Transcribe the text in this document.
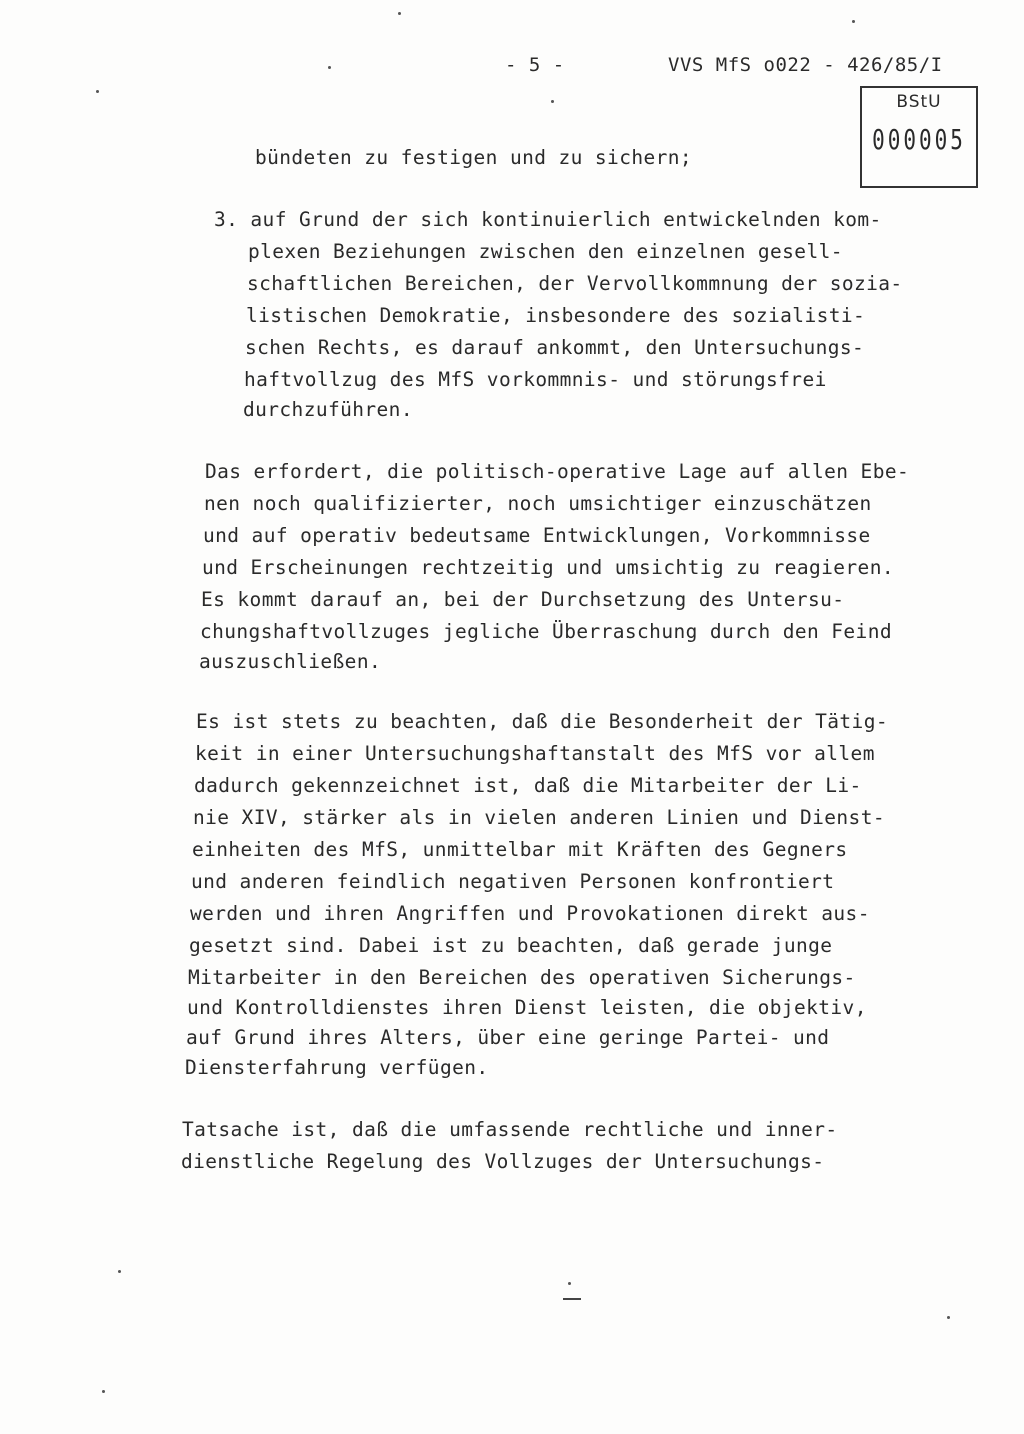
- 5 -	VVS MfS o022 - 426/85/I
BStU
000005
bündeten zu festigen und zu sichern;
3. auf Grund der sich kontinuierlich entwickelnden kom-
plexen Beziehungen zwischen den einzelnen gesell-
schaftlichen Bereichen, der Vervollkommnung der sozia-
listischen Demokratie, insbesondere des sozialisti-
schen Rechts, es darauf ankommt, den Untersuchungs-
haftvollzug des MfS vorkommnis- und störungsfrei
durchzuführen.
Das erfordert, die politisch-operative Lage auf allen Ebe-
nen noch qualifizierter, noch umsichtiger einzuschätzen
und auf operativ bedeutsame Entwicklungen, Vorkommnisse
und Erscheinungen rechtzeitig und umsichtig zu reagieren.
Es kommt darauf an, bei der Durchsetzung des Untersu-
chungshaftvollzuges jegliche Überraschung durch den Feind
auszuschließen.
Es ist stets zu beachten, daß die Besonderheit der Tätig-
keit in einer Untersuchungshaftanstalt des MfS vor allem
dadurch gekennzeichnet ist, daß die Mitarbeiter der Li-
nie XIV, stärker als in vielen anderen Linien und Dienst-
einheiten des MfS, unmittelbar mit Kräften des Gegners
und anderen feindlich negativen Personen konfrontiert
werden und ihren Angriffen und Provokationen direkt aus-
gesetzt sind. Dabei ist zu beachten, daß gerade junge
Mitarbeiter in den Bereichen des operativen Sicherungs-
und Kontrolldienstes ihren Dienst leisten, die objektiv,
auf Grund ihres Alters, über eine geringe Partei- und
Diensterfahrung verfügen.
Tatsache ist, daß die umfassende rechtliche und inner-
dienstliche Regelung des Vollzuges der Untersuchungs-
